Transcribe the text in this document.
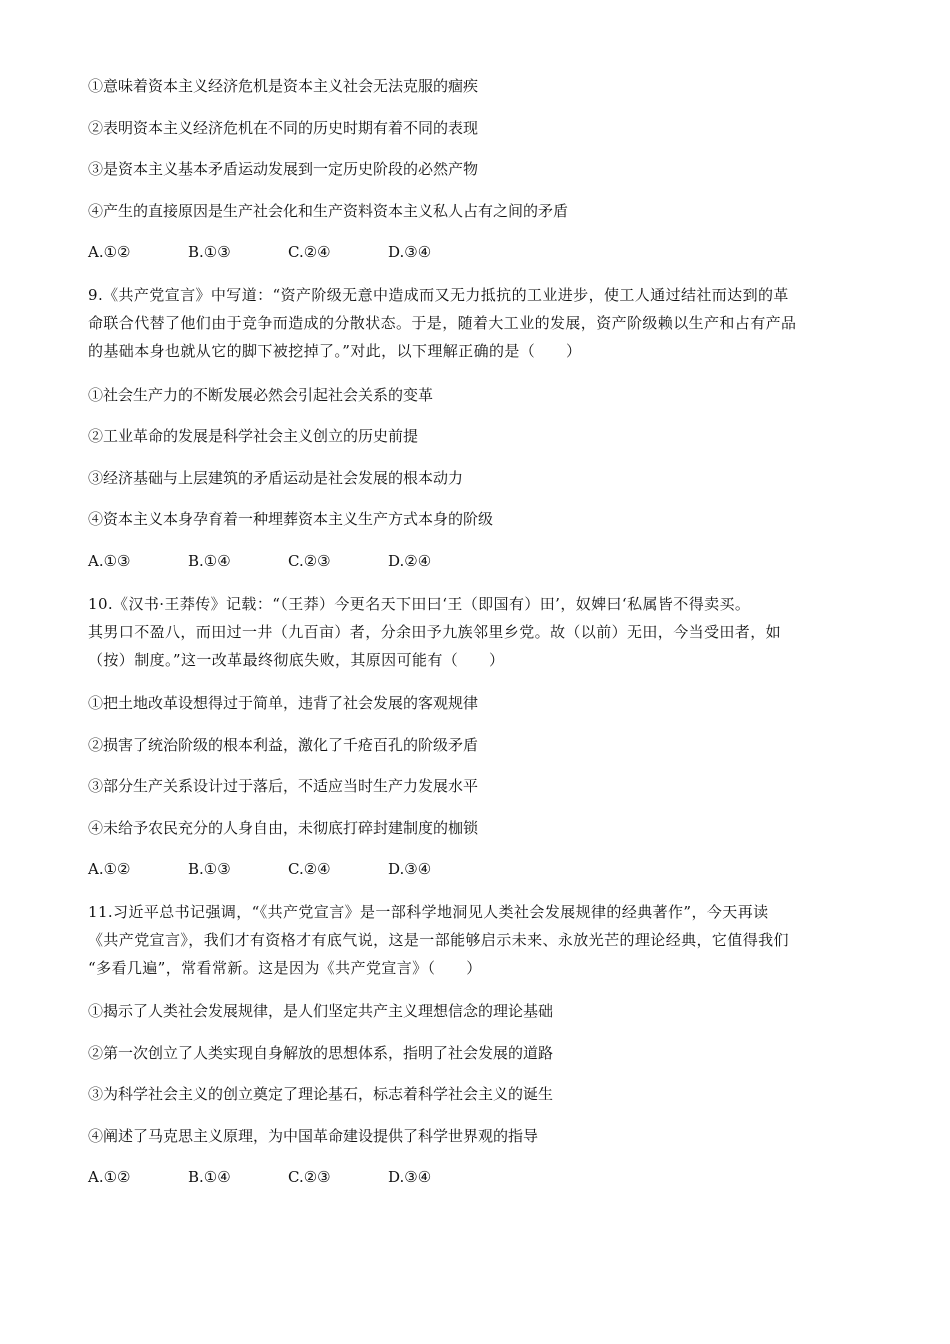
①意味着资本主义经济危机是资本主义社会无法克服的痼疾
②表明资本主义经济危机在不同的历史时期有着不同的表现
③是资本主义基本矛盾运动发展到一定历史阶段的必然产物
④产生的直接原因是生产社会化和生产资料资本主义私人占有之间的矛盾
A.①②	B.①③	C.②④	D.③④
9.《共产党宣言》中写道：“资产阶级无意中造成而又无力抵抗的工业进步，使工人通过结社而达到的革
命联合代替了他们由于竞争而造成的分散状态。于是，随着大工业的发展，资产阶级赖以生产和占有产品
的基础本身也就从它的脚下被挖掉了。”对此，以下理解正确的是（　　）
①社会生产力的不断发展必然会引起社会关系的变革
②工业革命的发展是科学社会主义创立的历史前提
③经济基础与上层建筑的矛盾运动是社会发展的根本动力
④资本主义本身孕育着一种埋葬资本主义生产方式本身的阶级
A.①③	B.①④	C.②③	D.②④
10.《汉书·王莽传》记载：“（王莽）今更名天下田曰‘王（即国有）田’，奴婢曰‘私属皆不得卖买。
其男口不盈八，而田过一井（九百亩）者，分余田予九族邻里乡党。故（以前）无田，今当受田者，如
（按）制度。”这一改革最终彻底失败，其原因可能有（　　）
①把土地改革设想得过于简单，违背了社会发展的客观规律
②损害了统治阶级的根本利益，激化了千疮百孔的阶级矛盾
③部分生产关系设计过于落后，不适应当时生产力发展水平
④未给予农民充分的人身自由，未彻底打碎封建制度的枷锁
A.①②	B.①③	C.②④	D.③④
11.习近平总书记强调，“《共产党宣言》是一部科学地洞见人类社会发展规律的经典著作”，今天再读
《共产党宣言》，我们才有资格才有底气说，这是一部能够启示未来、永放光芒的理论经典，它值得我们
“多看几遍”，常看常新。这是因为《共产党宣言》（　　）
①揭示了人类社会发展规律，是人们坚定共产主义理想信念的理论基础
②第一次创立了人类实现自身解放的思想体系，指明了社会发展的道路
③为科学社会主义的创立奠定了理论基石，标志着科学社会主义的诞生
④阐述了马克思主义原理，为中国革命建设提供了科学世界观的指导
A.①②	B.①④	C.②③	D.③④
